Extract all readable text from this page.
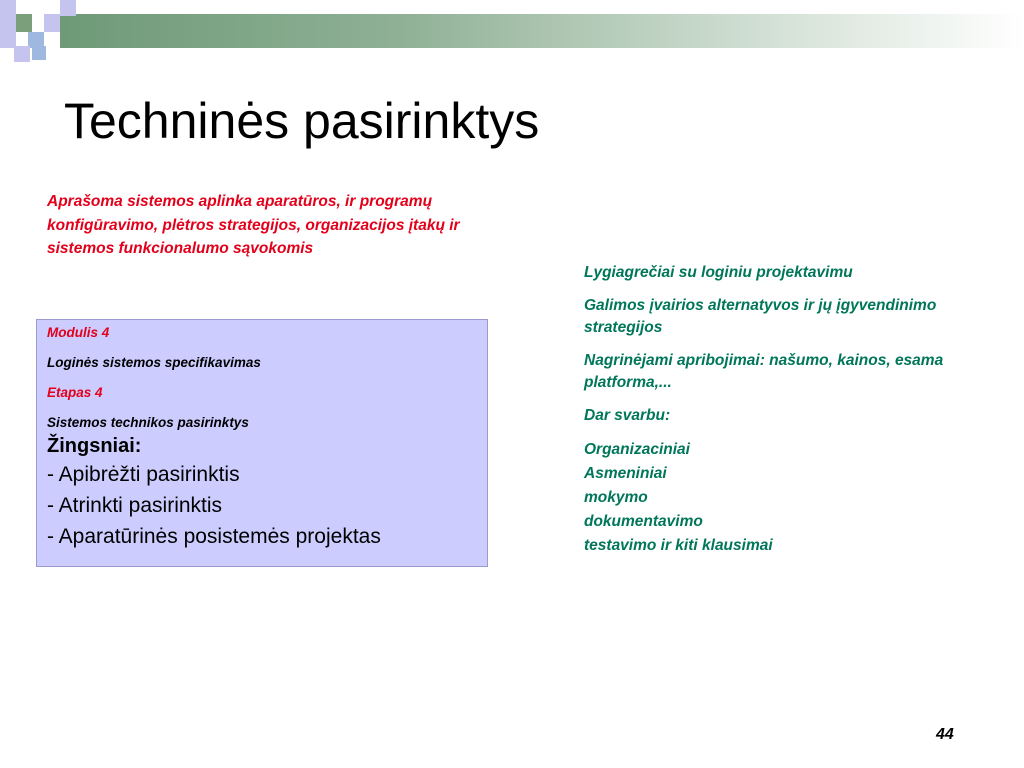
Techninės pasirinktys
Aprašoma sistemos aplinka aparatūros, ir programų konfigūravimo, plėtros strategijos, organizacijos įtakų ir sistemos funkcionalumo sąvokomis

Modulis 4

Loginės sistemos specifikavimas

Etapas 4

Sistemos technikos pasirinktys

Žingsniai:

- Apibrėžti pasirinktis

- Atrinkti pasirinktis

- Aparatūrinės posistemės projektas

Lygiagrečiai su loginiu projektavimu

Galimos įvairios alternatyvos ir jų įgyvendinimo strategijos

Nagrinėjami apribojimai: našumo, kainos, esama platforma,...

Dar svarbu:

Organizaciniai
Asmeniniai
mokymo
dokumentavimo
testavimo ir kiti klausimai
44
